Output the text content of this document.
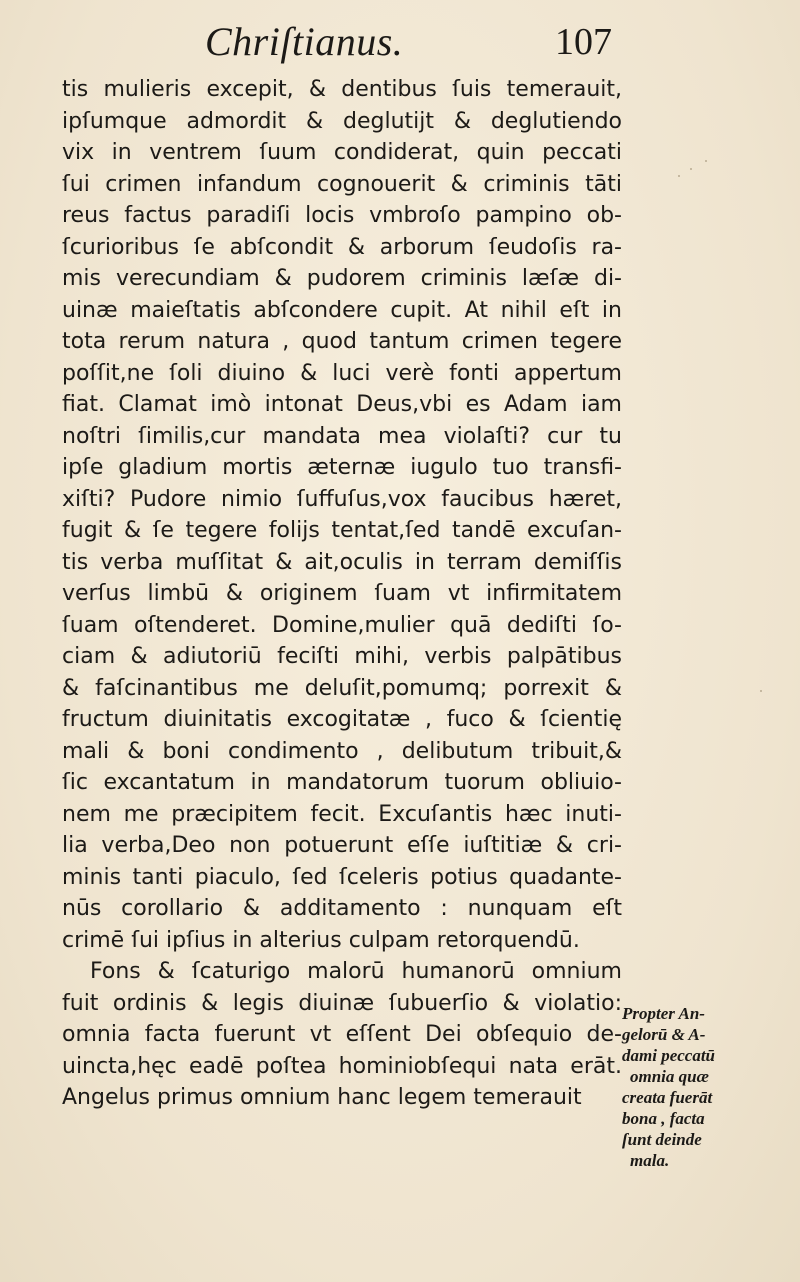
Chriſtianus.	107
tis mulieris excepit, & dentibus ſuis temerauit,
ipſumque admordit & deglutijt & deglutiendo
vix in ventrem ſuum condiderat, quin peccati
ſui crimen infandum cognouerit & criminis tāti
reus factus paradiſi locis vmbroſo pampino ob-
ſcurioribus ſe abſcondit & arborum ſeudoſis ra-
mis verecundiam & pudorem criminis læſæ di-
uinæ maieſtatis abſcondere cupit. At nihil eſt in
tota rerum natura , quod tantum crimen tegere
poſſit,ne ſoli diuino & luci verè fonti appertum
fiat. Clamat imò intonat Deus,vbi es Adam iam
noſtri ſimilis,cur mandata mea violaſti? cur tu
ipſe gladium mortis æternæ iugulo tuo transfi-
xiſti? Pudore nimio ſuffuſus,vox faucibus hæret,
fugit & ſe tegere folijs tentat,ſed tandē excuſan-
tis verba muſſitat & ait,oculis in terram demiſſis
verſus limbū & originem ſuam vt infirmitatem
ſuam oſtenderet. Domine,mulier quā dediſti ſo-
ciam & adiutoriū feciſti mihi, verbis palpātibus
& faſcinantibus me deluſit,pomumq; porrexit &
fructum diuinitatis excogitatæ , fuco & ſcientię
mali & boni condimento , delibutum tribuit,&
ſic excantatum in mandatorum tuorum obliuio-
nem me præcipitem fecit. Excuſantis hæc inuti-
lia verba,Deo non potuerunt eſſe iuſtitiæ & cri-
minis tanti piaculo, ſed ſceleris potius quadante-
nūs corollario & additamento : nunquam eſt
crimē ſui ipſius in alterius culpam retorquendū.
Fons & ſcaturigo malorū humanorū omnium
fuit ordinis & legis diuinæ ſubuerſio & violatio:
omnia facta fuerunt vt eſſent Dei obſequio de-
uincta,hęc eadē poſtea hominiobſequi nata erāt.
Angelus primus omnium hanc legem temerauit
Propter An-
gelorū & A-
dami peccatū
omnia quæ
creata fuerāt
bona , facta
ſunt deinde
mala.
